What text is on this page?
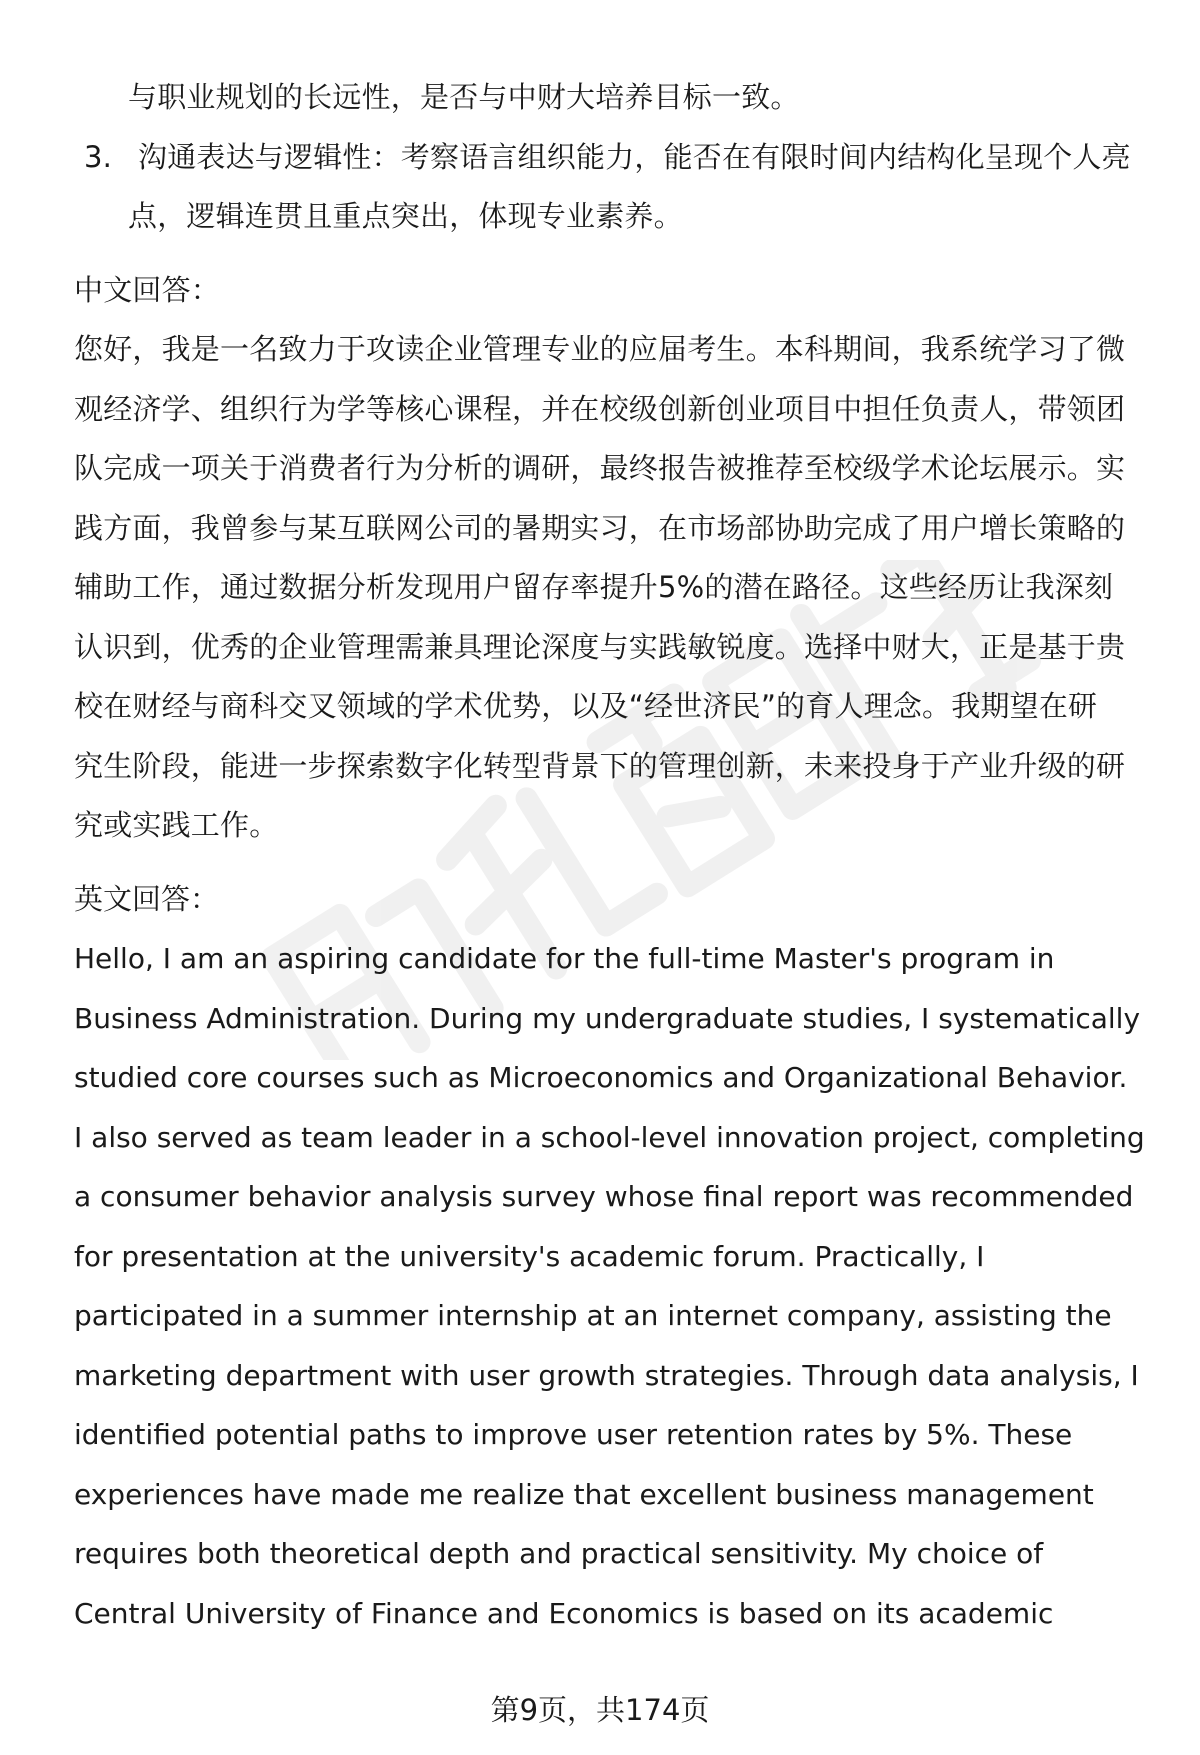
与职业规划的长远性，是否与中财大培养目标一致。
3. 沟通表达与逻辑性：考察语言组织能力，能否在有限时间内结构化呈现个人亮
点，逻辑连贯且重点突出，体现专业素养。
中文回答：
您好，我是一名致力于攻读企业管理专业的应届考生。本科期间，我系统学习了微
观经济学、组织行为学等核心课程，并在校级创新创业项目中担任负责人，带领团
队完成一项关于消费者行为分析的调研，最终报告被推荐至校级学术论坛展示。实
践方面，我曾参与某互联网公司的暑期实习，在市场部协助完成了用户增长策略的
辅助工作，通过数据分析发现用户留存率提升5%的潜在路径。这些经历让我深刻
认识到，优秀的企业管理需兼具理论深度与实践敏锐度。选择中财大，正是基于贵
校在财经与商科交叉领域的学术优势，以及“经世济民”的育人理念。我期望在研
究生阶段，能进一步探索数字化转型背景下的管理创新，未来投身于产业升级的研
究或实践工作。
英文回答：
Hello, I am an aspiring candidate for the full-time Master's program in
Business Administration. During my undergraduate studies, I systematically
studied core courses such as Microeconomics and Organizational Behavior.
I also served as team leader in a school-level innovation project, completing
a consumer behavior analysis survey whose final report was recommended
for presentation at the university's academic forum. Practically, I
participated in a summer internship at an internet company, assisting the
marketing department with user growth strategies. Through data analysis, I
identified potential paths to improve user retention rates by 5%. These
experiences have made me realize that excellent business management
requires both theoretical depth and practical sensitivity. My choice of
Central University of Finance and Economics is based on its academic
第9页，共174页
